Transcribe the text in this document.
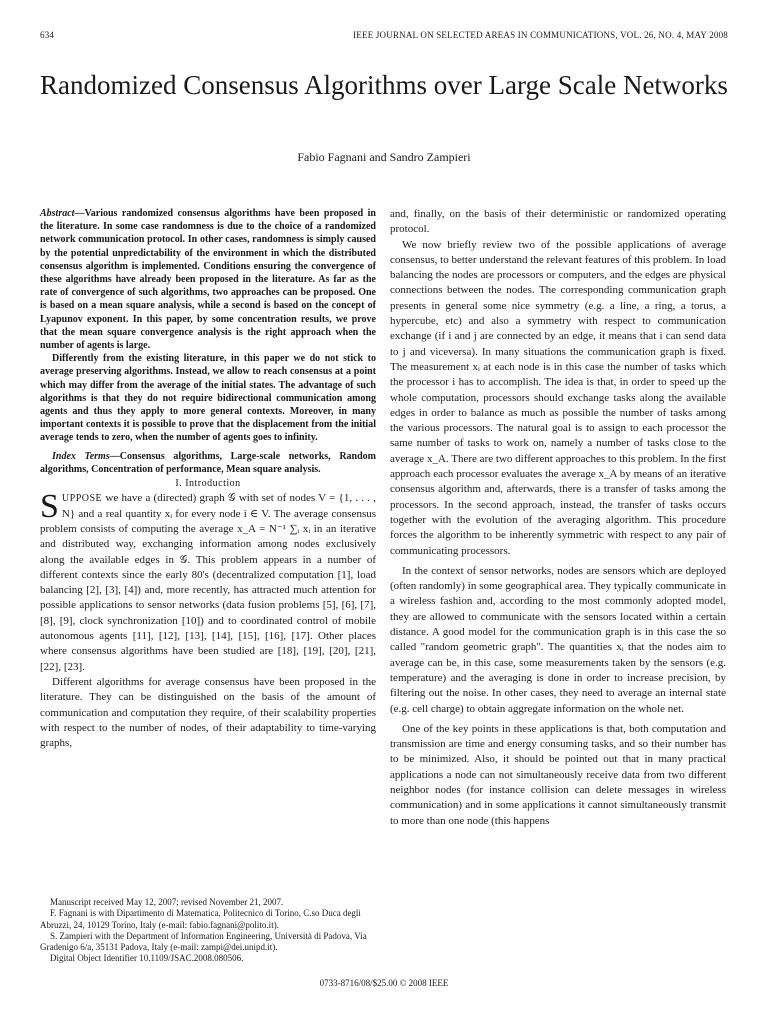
634	IEEE JOURNAL ON SELECTED AREAS IN COMMUNICATIONS, VOL. 26, NO. 4, MAY 2008
Randomized Consensus Algorithms over Large Scale Networks
Fabio Fagnani and Sandro Zampieri

Abstract—Various randomized consensus algorithms have been proposed in the literature. In some case randomness is due to the choice of a randomized network communication protocol. In other cases, randomness is simply caused by the potential unpredictability of the environment in which the distributed consensus algorithm is implemented. Conditions ensuring the convergence of these algorithms have already been proposed in the literature. As far as the rate of convergence of such algorithms, two approaches can be proposed. One is based on a mean square analysis, while a second is based on the concept of Lyapunov exponent. In this paper, by some concentration results, we prove that the mean square convergence analysis is the right approach when the number of agents is large.

Differently from the existing literature, in this paper we do not stick to average preserving algorithms. Instead, we allow to reach consensus at a point which may differ from the average of the initial states. The advantage of such algorithms is that they do not require bidirectional communication among agents and thus they apply to more general contexts. Moreover, in many important contexts it is possible to prove that the displacement from the initial average tends to zero, when the number of agents goes to infinity.

Index Terms—Consensus algorithms, Large-scale networks, Random algorithms, Concentration of performance, Mean square analysis.

I. Introduction

SUPPOSE we have a (directed) graph 𝒢 with set of nodes V = {1, . . . , N} and a real quantity xᵢ for every node i ∈ V. The average consensus problem consists of computing the average x_A = N⁻¹ ∑ᵢ xᵢ in an iterative and distributed way, exchanging information among nodes exclusively along the available edges in 𝒢. This problem appears in a number of different contexts since the early 80's (decentralized computation [1], load balancing [2], [3], [4]) and, more recently, has attracted much attention for possible applications to sensor networks (data fusion problems [5], [6], [7], [8], [9], clock synchronization [10]) and to coordinated control of mobile autonomous agents [11], [12], [13], [14], [15], [16], [17]. Other places where consensus algorithms have been studied are [18], [19], [20], [21], [22], [23].

Different algorithms for average consensus have been proposed in the literature. They can be distinguished on the basis of the amount of communication and computation they require, of their scalability properties with respect to the number of nodes, of their adaptability to time-varying graphs,

Manuscript received May 12, 2007; revised November 21, 2007.
F. Fagnani is with Dipartimento di Matematica, Politecnico di Torino, C.so Duca degli Abruzzi, 24, 10129 Torino, Italy (e-mail: fabio.fagnani@polito.it).
S. Zampieri with the Department of Information Engineering, Università di Padova, Via Gradenigo 6/a, 35131 Padova, Italy (e-mail: zampi@dei.unipd.it).
Digital Object Identifier 10.1109/JSAC.2008.080506.

and, finally, on the basis of their deterministic or randomized operating protocol.

We now briefly review two of the possible applications of average consensus, to better understand the relevant features of this problem. In load balancing the nodes are processors or computers, and the edges are physical connections between the nodes. The corresponding communication graph presents in general some nice symmetry (e.g. a line, a ring, a torus, a hypercube, etc) and also a symmetry with respect to communication exchange (if i and j are connected by an edge, it means that i can send data to j and viceversa). In many situations the communication graph is fixed. The measurement xᵢ at each node is in this case the number of tasks which the processor i has to accomplish. The idea is that, in order to speed up the whole computation, processors should exchange tasks along the available edges in order to balance as much as possible the number of tasks among the various processors. The natural goal is to assign to each processor the same number of tasks to work on, namely a number of tasks close to the average x_A. There are two different approaches to this problem. In the first approach each processor evaluates the average x_A by means of an iterative consensus algorithm and, afterwards, there is a transfer of tasks among the processors. In the second approach, instead, the transfer of tasks occurs together with the evolution of the averaging algorithm. This procedure forces the algorithm to be inherently symmetric with respect to any pair of communicating processors.

In the context of sensor networks, nodes are sensors which are deployed (often randomly) in some geographical area. They typically communicate in a wireless fashion and, according to the most commonly adopted model, they are allowed to communicate with the sensors located within a certain distance. A good model for the communication graph is in this case the so called "random geometric graph". The quantities xᵢ that the nodes aim to average can be, in this case, some measurements taken by the sensors (e.g. temperature) and the averaging is done in order to increase precision, by filtering out the noise. In other cases, they need to average an internal state (e.g. cell charge) to obtain aggregate information on the whole net.

One of the key points in these applications is that, both computation and transmission are time and energy consuming tasks, and so their number has to be minimized. Also, it should be pointed out that in many practical applications a node can not simultaneously receive data from two different neighbor nodes (for instance collision can delete messages in wireless communication) and in some applications it cannot simultaneously transmit to more than one node (this happens

0733-8716/08/$25.00 © 2008 IEEE
